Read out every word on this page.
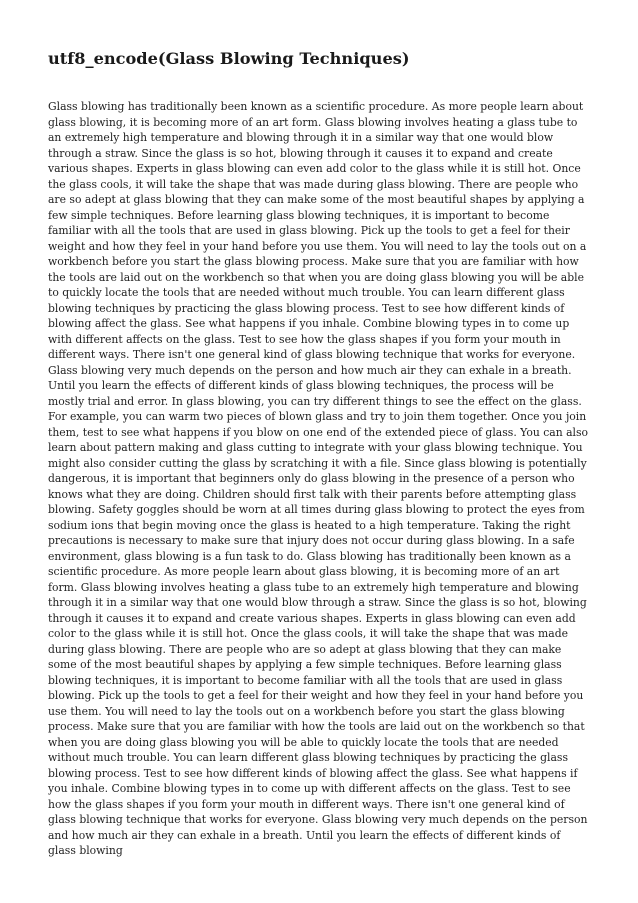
utf8_encode(Glass Blowing Techniques)

Glass blowing has traditionally been known as a scientific procedure. As more people learn about glass blowing, it is becoming more of an art form. Glass blowing involves heating a glass tube to an extremely high temperature and blowing through it in a similar way that one would blow through a straw. Since the glass is so hot, blowing through it causes it to expand and create various shapes. Experts in glass blowing can even add color to the glass while it is still hot. Once the glass cools, it will take the shape that was made during glass blowing. There are people who are so adept at glass blowing that they can make some of the most beautiful shapes by applying a few simple techniques. Before learning glass blowing techniques, it is important to become familiar with all the tools that are used in glass blowing. Pick up the tools to get a feel for their weight and how they feel in your hand before you use them. You will need to lay the tools out on a workbench before you start the glass blowing process. Make sure that you are familiar with how the tools are laid out on the workbench so that when you are doing glass blowing you will be able to quickly locate the tools that are needed without much trouble. You can learn different glass blowing techniques by practicing the glass blowing process. Test to see how different kinds of blowing affect the glass. See what happens if you inhale. Combine blowing types in to come up with different affects on the glass. Test to see how the glass shapes if you form your mouth in different ways. There isn't one general kind of glass blowing technique that works for everyone. Glass blowing very much depends on the person and how much air they can exhale in a breath. Until you learn the effects of different kinds of glass blowing techniques, the process will be mostly trial and error. In glass blowing, you can try different things to see the effect on the glass. For example, you can warm two pieces of blown glass and try to join them together. Once you join them, test to see what happens if you blow on one end of the extended piece of glass. You can also learn about pattern making and glass cutting to integrate with your glass blowing technique. You might also consider cutting the glass by scratching it with a file. Since glass blowing is potentially dangerous, it is important that beginners only do glass blowing in the presence of a person who knows what they are doing. Children should first talk with their parents before attempting glass blowing. Safety goggles should be worn at all times during glass blowing to protect the eyes from sodium ions that begin moving once the glass is heated to a high temperature. Taking the right precautions is necessary to make sure that injury does not occur during glass blowing. In a safe environment, glass blowing is a fun task to do. Glass blowing has traditionally been known as a scientific procedure. As more people learn about glass blowing, it is becoming more of an art form. Glass blowing involves heating a glass tube to an extremely high temperature and blowing through it in a similar way that one would blow through a straw. Since the glass is so hot, blowing through it causes it to expand and create various shapes. Experts in glass blowing can even add color to the glass while it is still hot. Once the glass cools, it will take the shape that was made during glass blowing. There are people who are so adept at glass blowing that they can make some of the most beautiful shapes by applying a few simple techniques. Before learning glass blowing techniques, it is important to become familiar with all the tools that are used in glass blowing. Pick up the tools to get a feel for their weight and how they feel in your hand before you use them. You will need to lay the tools out on a workbench before you start the glass blowing process. Make sure that you are familiar with how the tools are laid out on the workbench so that when you are doing glass blowing you will be able to quickly locate the tools that are needed without much trouble. You can learn different glass blowing techniques by practicing the glass blowing process. Test to see how different kinds of blowing affect the glass. See what happens if you inhale. Combine blowing types in to come up with different affects on the glass. Test to see how the glass shapes if you form your mouth in different ways. There isn't one general kind of glass blowing technique that works for everyone. Glass blowing very much depends on the person and how much air they can exhale in a breath. Until you learn the effects of different kinds of glass blowing
